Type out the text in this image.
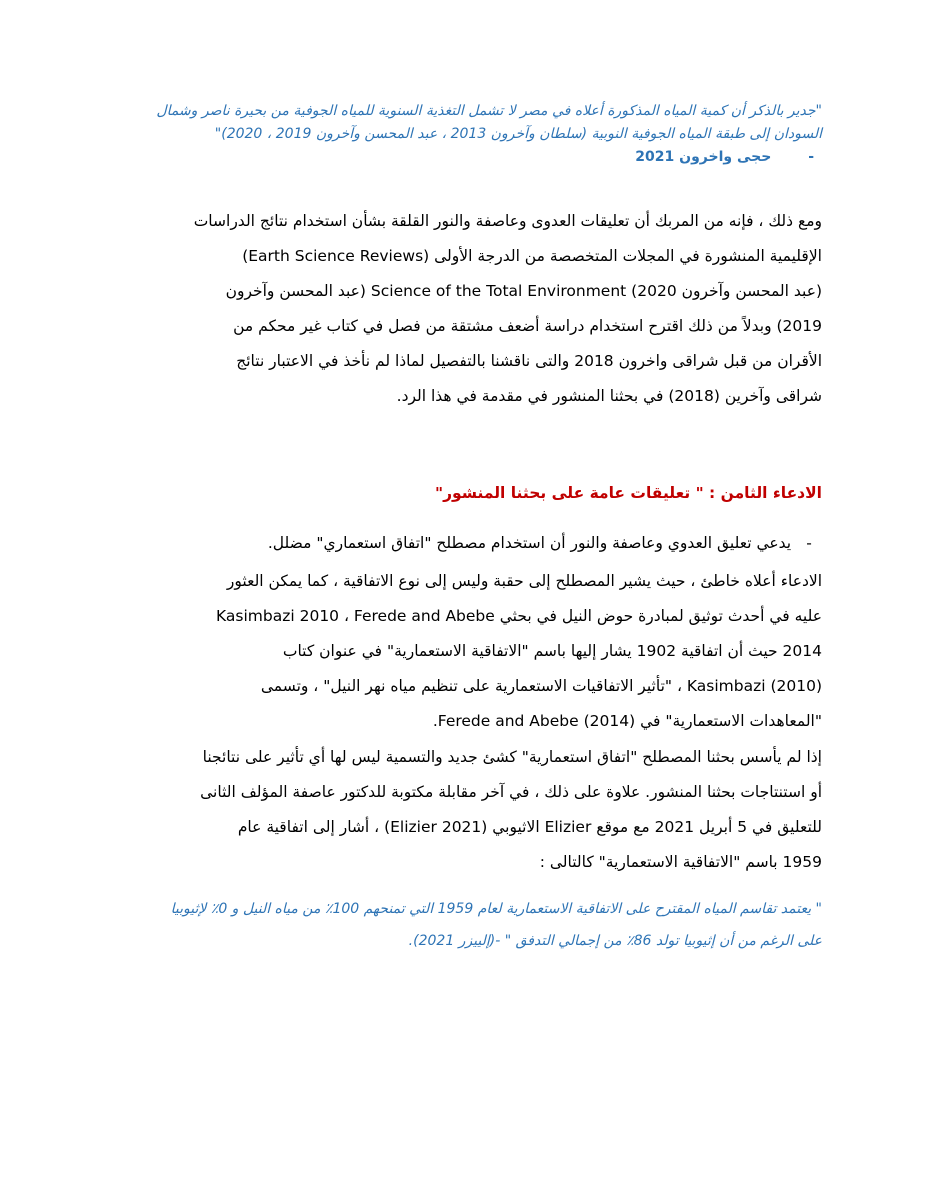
"جدير بالذكر أن كمية المياه المذكورة أعلاه في مصر لا تشمل التغذية السنوية للمياه الجوفية من بحيرة ناصر وشمال
السودان إلى طبقة المياه الجوفية النوبية (سلطان وآخرون 2013 ، عبد المحسن وآخرون 2019 ، 2020)"
- حجى واخرون 2021
ومع ذلك ، فإنه من المربك أن تعليقات العدوى وعاصفة والنور القلقة بشأن استخدام نتائج الدراسات
الإقليمية المنشورة في المجلات المتخصصة من الدرجة الأولى (Earth Science Reviews)
(عبد المحسن وآخرون 2020) Science of the Total Environment (عبد المحسن وآخرون
2019) وبدلاً من ذلك اقترح استخدام دراسة أضعف مشتقة من فصل في كتاب غير محكم من
الأقران من قبل شراقى واخرون 2018 والتى ناقشنا بالتفصيل لماذا لم نأخذ في الاعتبار نتائج
شراقى وآخرين (2018) في بحثنا المنشور في مقدمة في هذا الرد.
الادعاء الثامن : " تعليقات عامة على بحثنا المنشور"
- يدعي تعليق العدوي وعاصفة والنور أن استخدام مصطلح "اتفاق استعماري" مضلل.
الادعاء أعلاه خاطئ ، حيث يشير المصطلح إلى حقبة وليس إلى نوع الاتفاقية ، كما يمكن العثور
عليه في أحدث توثيق لمبادرة حوض النيل في بحثي Kasimbazi 2010 ، Ferede and Abebe
2014 حيث أن اتفاقية 1902 يشار إليها باسم "الاتفاقية الاستعمارية" في عنوان كتاب
Kasimbazi (2010) ، "تأثير الاتفاقيات الاستعمارية على تنظيم مياه نهر النيل" ، وتسمى
"المعاهدات الاستعمارية" في Ferede and Abebe (2014).
إذا لم يأسس بحثنا المصطلح "اتفاق استعمارية" كشئ جديد والتسمية ليس لها أي تأثير على نتائجنا
أو استنتاجات بحثنا المنشور. علاوة على ذلك ، في آخر مقابلة مكتوبة للدكتور عاصفة المؤلف الثانى
للتعليق في 5 أبريل 2021 مع موقع Elizier الاثيوبي (2021 Elizier) ، أشار إلى اتفاقية عام
1959 باسم "الاتفاقية الاستعمارية" كالتالى :
" يعتمد تقاسم المياه المقترح على الاتفاقية الاستعمارية لعام 1959 التي تمنحهم 100٪ من مياه النيل و 0٪ لإثيوبيا
على الرغم من أن إثيوبيا تولد 86٪ من إجمالي التدفق " -(إلييزر 2021).
